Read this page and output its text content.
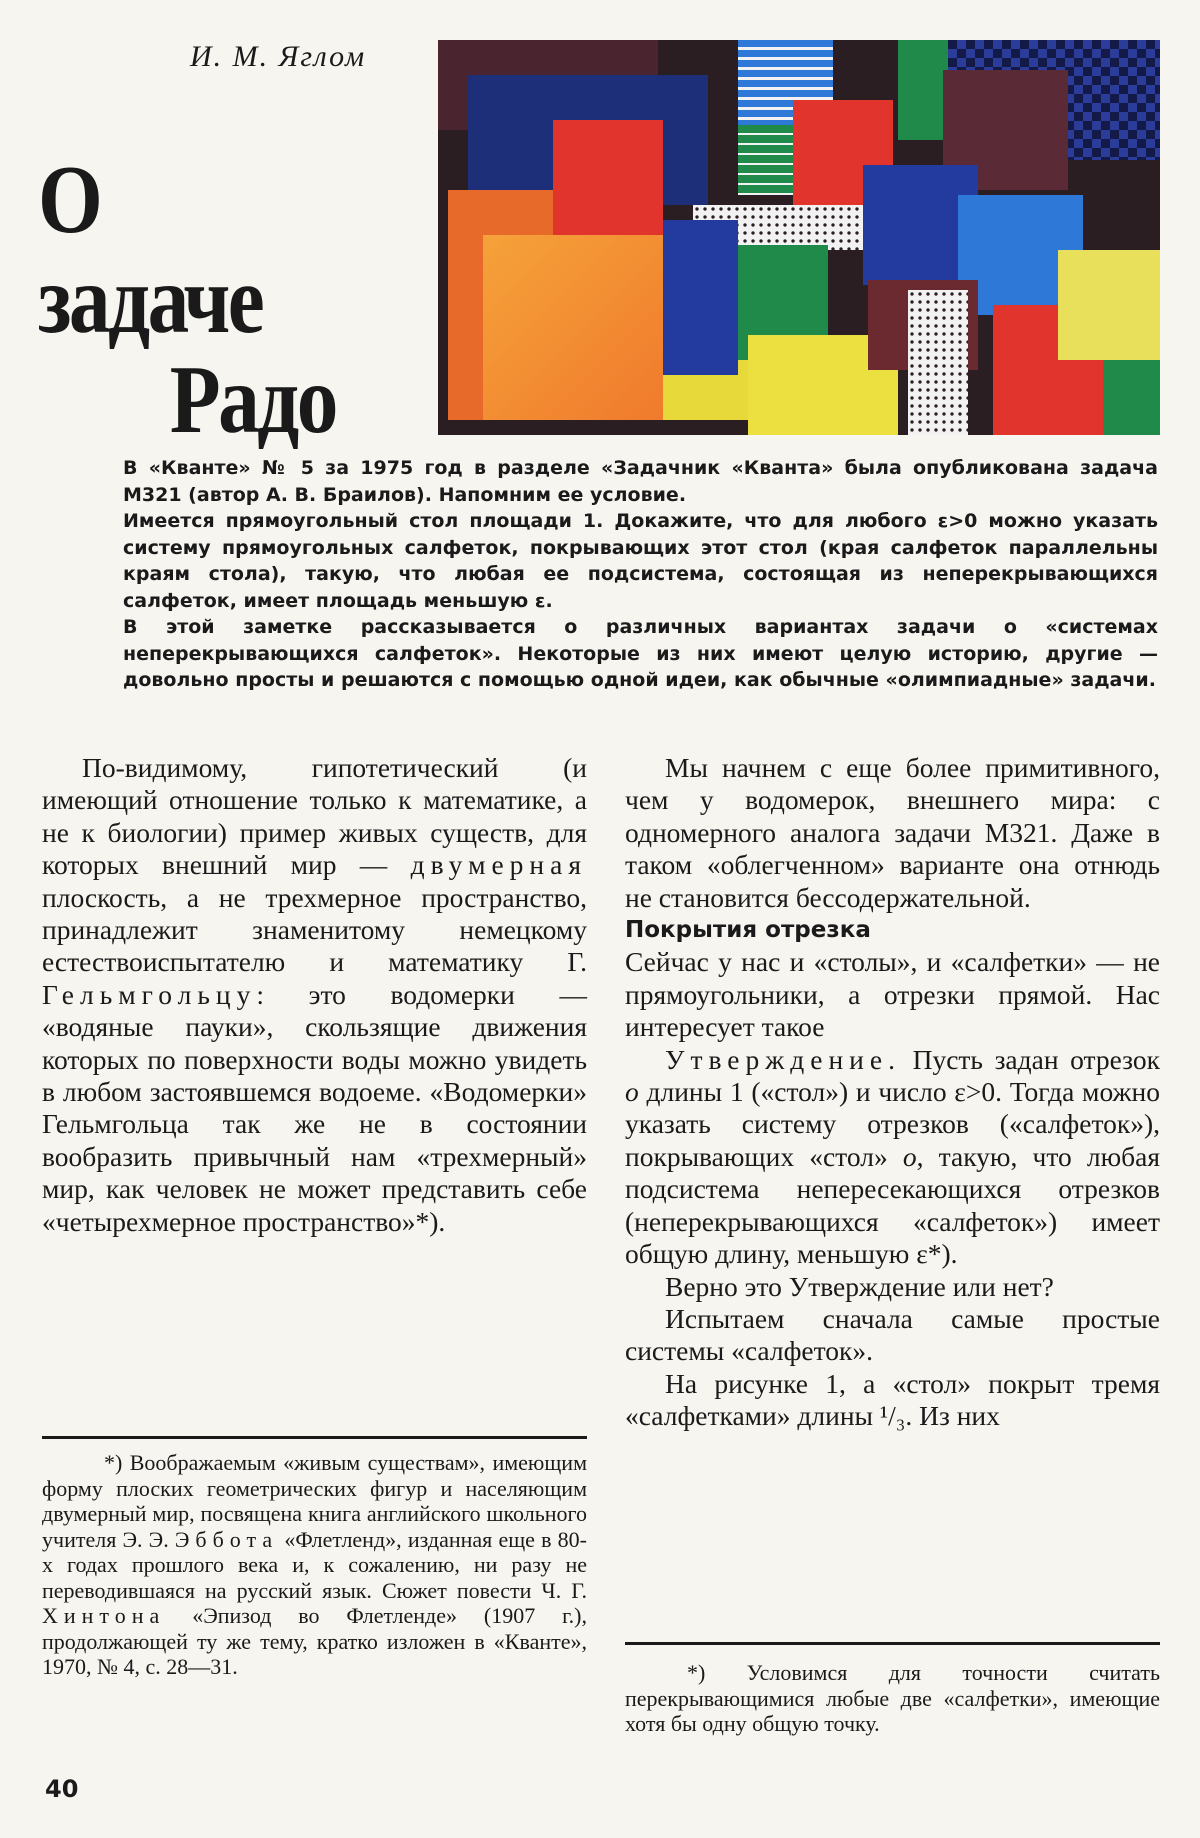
И. М. Яглом
О задаче
Радо

В «Кванте» № 5 за 1975 год в разделе «Задачник «Кванта» была опубликована задача М321 (автор А. В. Браилов). Напомним ее условие.

Имеется прямоугольный стол площади 1. Докажите, что для любого ε>0 можно указать систему прямоугольных салфеток, покрывающих этот стол (края салфеток параллельны краям стола), такую, что любая ее подсистема, состоящая из неперекрывающихся салфеток, имеет площадь меньшую ε.

В этой заметке рассказывается о различных вариантах задачи о «системах неперекрывающихся салфеток». Некоторые из них имеют целую историю, другие — довольно просты и решаются с помощью одной идеи, как обычные «олимпиадные» задачи.

По-видимому, гипотетический (и имеющий отношение только к математике, а не к биологии) пример живых существ, для которых внешний мир — двумерная плоскость, а не трехмерное пространство, принадлежит знаменитому немецкому естествоиспытателю и математику Г. Гельмгольцу: это водомерки — «водяные пауки», скользящие движения которых по поверхности воды можно увидеть в любом застоявшемся водоеме. «Водомерки» Гельмгольца так же не в состоянии вообразить привычный нам «трехмерный» мир, как человек не может представить себе «четырехмерное пространство»*).

*) Воображаемым «живым существам», имеющим форму плоских геометрических фигур и населяющим двумерный мир, посвящена книга английского школьного учителя Э. Э. Эббота «Флетленд», изданная еще в 80-х годах прошлого века и, к сожалению, ни разу не переводившаяся на русский язык. Сюжет повести Ч. Г. Хинтона «Эпизод во Флетленде» (1907 г.), продолжающей ту же тему, кратко изложен в «Кванте», 1970, № 4, с. 28—31.

Мы начнем с еще более примитивного, чем у водомерок, внешнего мира: с одномерного аналога задачи М321. Даже в таком «облегченном» варианте она отнюдь не становится бессодержательной.

Покрытия отрезка

Сейчас у нас и «столы», и «салфетки» — не прямоугольники, а отрезки прямой. Нас интересует такое

Утверждение. Пусть задан отрезок o длины 1 («стол») и число ε>0. Тогда можно указать систему отрезков («салфеток»), покрывающих «стол» o, такую, что любая подсистема непересекающихся отрезков (неперекрывающихся «салфеток») имеет общую длину, меньшую ε*).

Верно это Утверждение или нет?

Испытаем сначала самые простые системы «салфеток».

На рисунке 1, а «стол» покрыт тремя «салфетками» длины ¹/₃. Из них

*) Условимся для точности считать перекрывающимися любые две «салфетки», имеющие хотя бы одну общую точку.

40
